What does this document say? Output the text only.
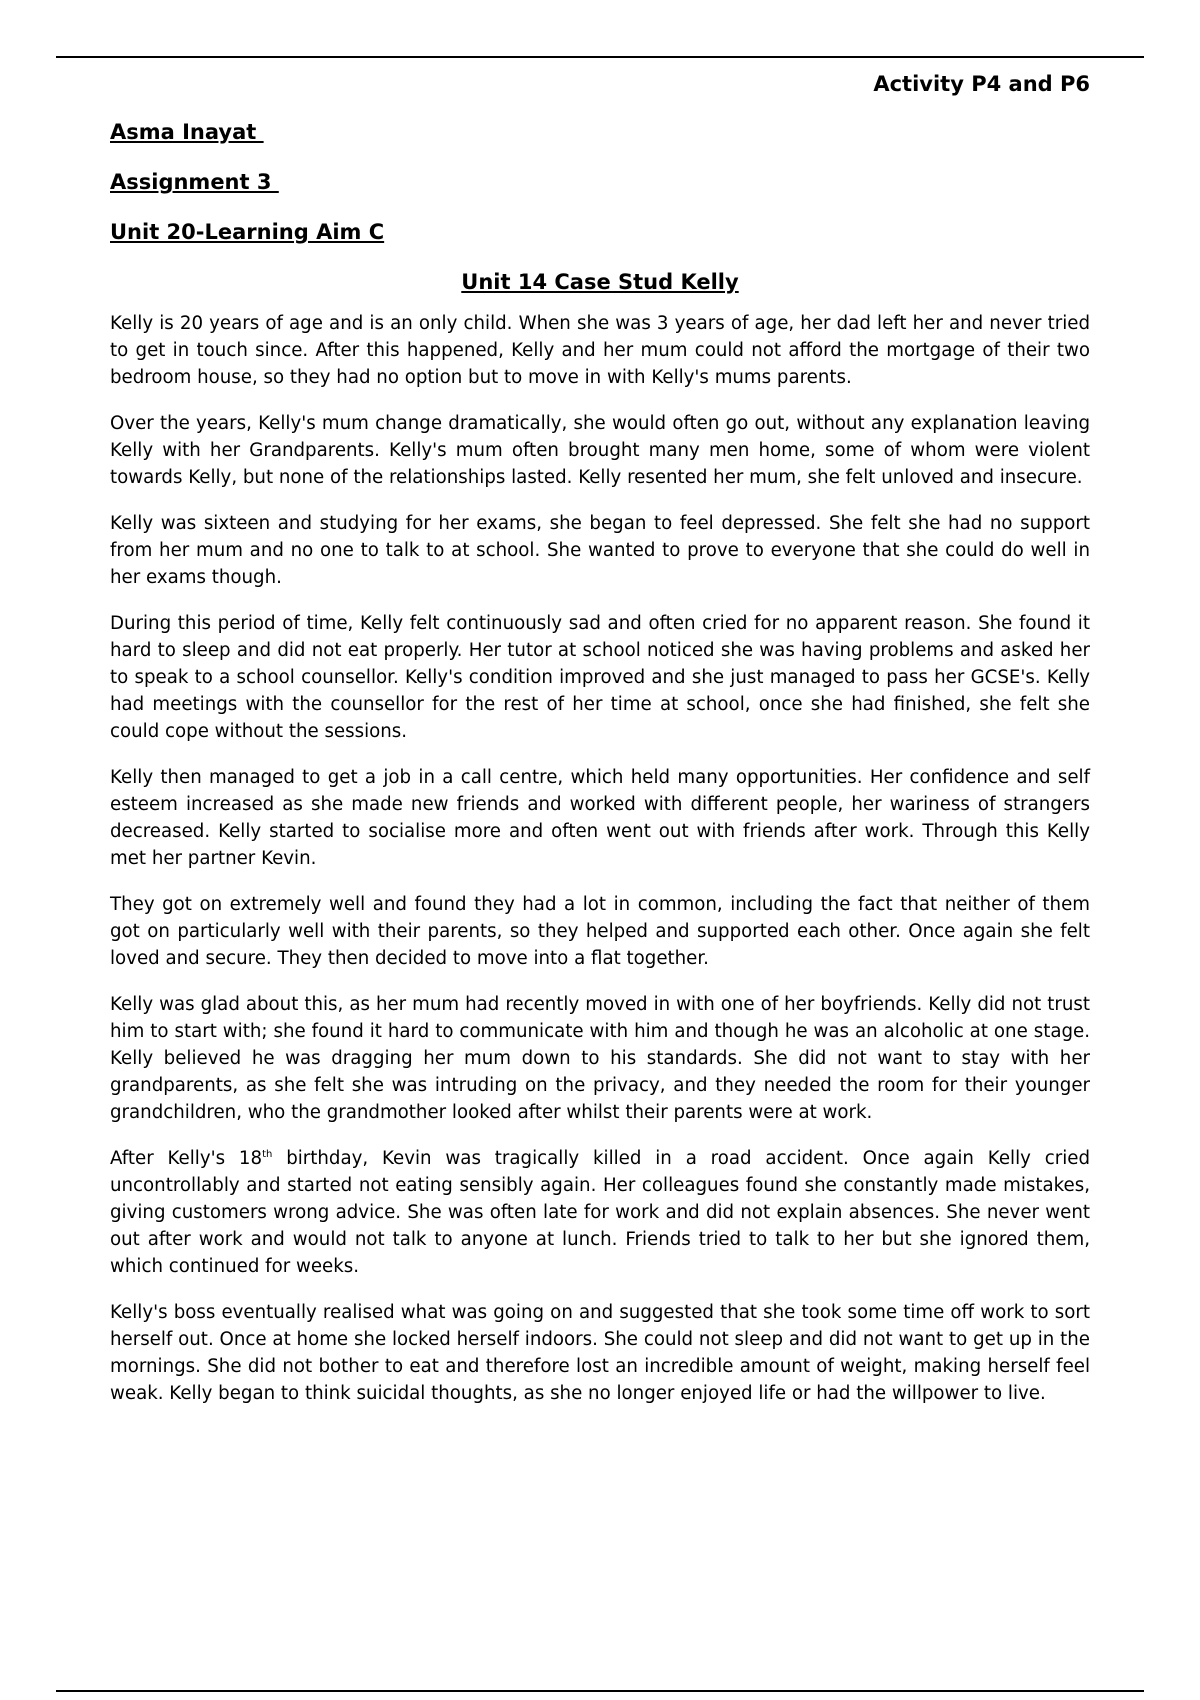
Activity P4 and P6
Asma Inayat
Assignment 3
Unit 20-Learning Aim C
Unit 14 Case Stud Kelly

Kelly is 20 years of age and is an only child. When she was 3 years of age, her dad left her and never tried to get in touch since. After this happened, Kelly and her mum could not afford the mortgage of their two bedroom house, so they had no option but to move in with Kelly's mums parents.

Over the years, Kelly's mum change dramatically, she would often go out, without any explanation leaving Kelly with her Grandparents. Kelly's mum often brought many men home, some of whom were violent towards Kelly, but none of the relationships lasted. Kelly resented her mum, she felt unloved and insecure.

Kelly was sixteen and studying for her exams, she began to feel depressed. She felt she had no support from her mum and no one to talk to at school. She wanted to prove to everyone that she could do well in her exams though.

During this period of time, Kelly felt continuously sad and often cried for no apparent reason. She found it hard to sleep and did not eat properly. Her tutor at school noticed she was having problems and asked her to speak to a school counsellor. Kelly's condition improved and she just managed to pass her GCSE's. Kelly had meetings with the counsellor for the rest of her time at school, once she had finished, she felt she could cope without the sessions.

Kelly then managed to get a job in a call centre, which held many opportunities. Her confidence and self esteem increased as she made new friends and worked with different people, her wariness of strangers decreased. Kelly started to socialise more and often went out with friends after work. Through this Kelly met her partner Kevin.

They got on extremely well and found they had a lot in common, including the fact that neither of them got on particularly well with their parents, so they helped and supported each other. Once again she felt loved and secure. They then decided to move into a flat together.

Kelly was glad about this, as her mum had recently moved in with one of her boyfriends. Kelly did not trust him to start with; she found it hard to communicate with him and though he was an alcoholic at one stage. Kelly believed he was dragging her mum down to his standards. She did not want to stay with her grandparents, as she felt she was intruding on the privacy, and they needed the room for their younger grandchildren, who the grandmother looked after whilst their parents were at work.

After Kelly's 18th birthday, Kevin was tragically killed in a road accident. Once again Kelly cried uncontrollably and started not eating sensibly again. Her colleagues found she constantly made mistakes, giving customers wrong advice. She was often late for work and did not explain absences. She never went out after work and would not talk to anyone at lunch. Friends tried to talk to her but she ignored them, which continued for weeks.

Kelly's boss eventually realised what was going on and suggested that she took some time off work to sort herself out. Once at home she locked herself indoors. She could not sleep and did not want to get up in the mornings. She did not bother to eat and therefore lost an incredible amount of weight, making herself feel weak. Kelly began to think suicidal thoughts, as she no longer enjoyed life or had the willpower to live.
